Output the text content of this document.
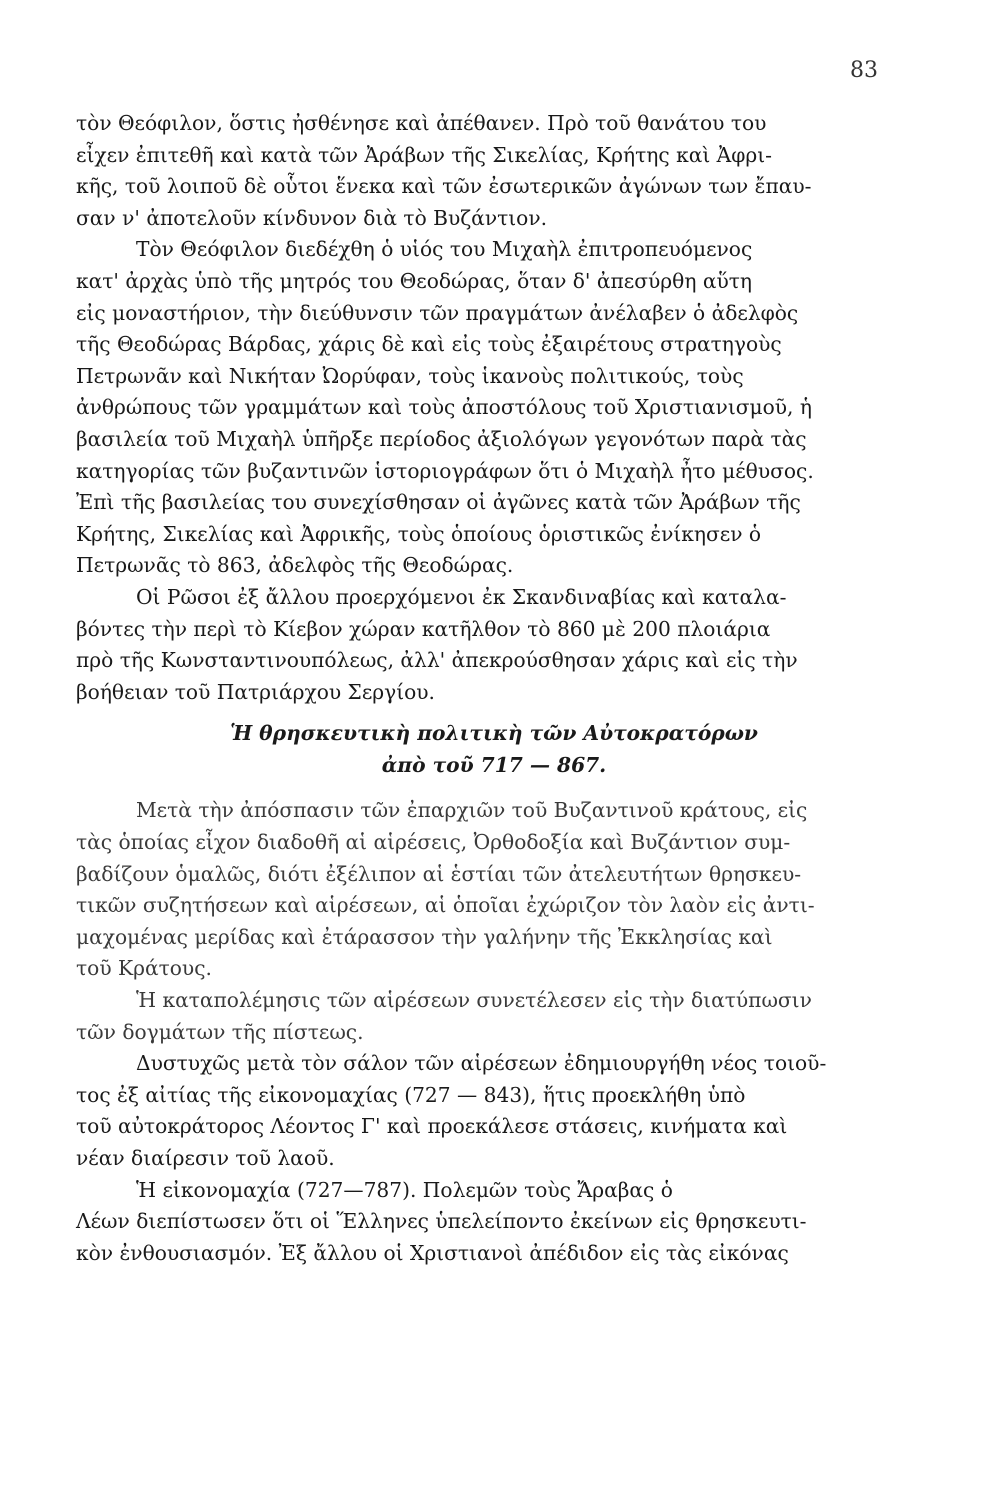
83
τὸν Θεόφιλον, ὅστις ἠσθένησε καὶ ἀπέθανεν. Πρὸ τοῦ θανάτου του
εἶχεν ἐπιτεθῆ καὶ κατὰ τῶν Ἀράβων τῆς Σικελίας, Κρήτης καὶ Ἀφρι-
κῆς, τοῦ λοιποῦ δὲ οὗτοι ἕνεκα καὶ τῶν ἐσωτερικῶν ἀγώνων των ἔπαυ-
σαν ν' ἀποτελοῦν κίνδυνον διὰ τὸ Βυζάντιον.
Τὸν Θεόφιλον διεδέχθη ὁ υἱός του Μιχαὴλ ἐπιτροπευόμενος
κατ' ἀρχὰς ὑπὸ τῆς μητρός του Θεοδώρας, ὅταν δ' ἀπεσύρθη αὕτη
εἰς μοναστήριον, τὴν διεύθυνσιν τῶν πραγμάτων ἀνέλαβεν ὁ ἀδελφὸς
τῆς Θεοδώρας Βάρδας, χάρις δὲ καὶ εἰς τοὺς ἐξαιρέτους στρατηγοὺς
Πετρωνᾶν καὶ Νικήταν Ὠορύφαν, τοὺς ἱκανοὺς πολιτικούς, τοὺς
ἀνθρώπους τῶν γραμμάτων καὶ τοὺς ἀποστόλους τοῦ Χριστιανισμοῦ, ἡ
βασιλεία τοῦ Μιχαὴλ ὑπῆρξε περίοδος ἀξιολόγων γεγονότων παρὰ τὰς
κατηγορίας τῶν βυζαντινῶν ἱστοριογράφων ὅτι ὁ Μιχαὴλ ἦτο μέθυσος.
Ἐπὶ τῆς βασιλείας του συνεχίσθησαν οἱ ἀγῶνες κατὰ τῶν Ἀράβων τῆς
Κρήτης, Σικελίας καὶ Ἀφρικῆς, τοὺς ὁποίους ὁριστικῶς ἐνίκησεν ὁ
Πετρωνᾶς τὸ 863, ἀδελφὸς τῆς Θεοδώρας.
Οἱ Ρῶσοι ἐξ ἄλλου προερχόμενοι ἐκ Σκανδιναβίας καὶ καταλα-
βόντες τὴν περὶ τὸ Κίεβον χώραν κατῆλθον τὸ 860 μὲ 200 πλοιάρια
πρὸ τῆς Κωνσταντινουπόλεως, ἀλλ' ἀπεκρούσθησαν χάρις καὶ εἰς τὴν
βοήθειαν τοῦ Πατριάρχου Σεργίου.
Ἡ θρησκευτικὴ πολιτικὴ τῶν Αὐτοκρατόρων
ἀπὸ τοῦ 717 — 867.
Μετὰ τὴν ἀπόσπασιν τῶν ἐπαρχιῶν τοῦ Βυζαντινοῦ κράτους, εἰς
τὰς ὁποίας εἶχον διαδοθῆ αἱ αἱρέσεις, Ὀρθοδοξία καὶ Βυζάντιον συμ-
βαδίζουν ὁμαλῶς, διότι ἐξέλιπον αἱ ἑστίαι τῶν ἀτελευτήτων θρησκευ-
τικῶν συζητήσεων καὶ αἱρέσεων, αἱ ὁποῖαι ἐχώριζον τὸν λαὸν εἰς ἀντι-
μαχομένας μερίδας καὶ ἐτάρασσον τὴν γαλήνην τῆς Ἐκκλησίας καὶ
τοῦ Κράτους.
Ἡ καταπολέμησις τῶν αἱρέσεων συνετέλεσεν εἰς τὴν διατύπωσιν
τῶν δογμάτων τῆς πίστεως.
Δυστυχῶς μετὰ τὸν σάλον τῶν αἱρέσεων ἐδημιουργήθη νέος τοιοῦ-
τος ἐξ αἰτίας τῆς εἰκονομαχίας (727 — 843), ἥτις προεκλήθη ὑπὸ
τοῦ αὐτοκράτορος Λέοντος Γ' καὶ προεκάλεσε στάσεις, κινήματα καὶ
νέαν διαίρεσιν τοῦ λαοῦ.
Ἡ εἰκονομαχία (727—787). Πολεμῶν τοὺς Ἄραβας ὁ
Λέων διεπίστωσεν ὅτι οἱ Ἕλληνες ὑπελείποντο ἐκείνων εἰς θρησκευτι-
κὸν ἐνθουσιασμόν. Ἐξ ἄλλου οἱ Χριστιανοὶ ἀπέδιδον εἰς τὰς εἰκόνας
